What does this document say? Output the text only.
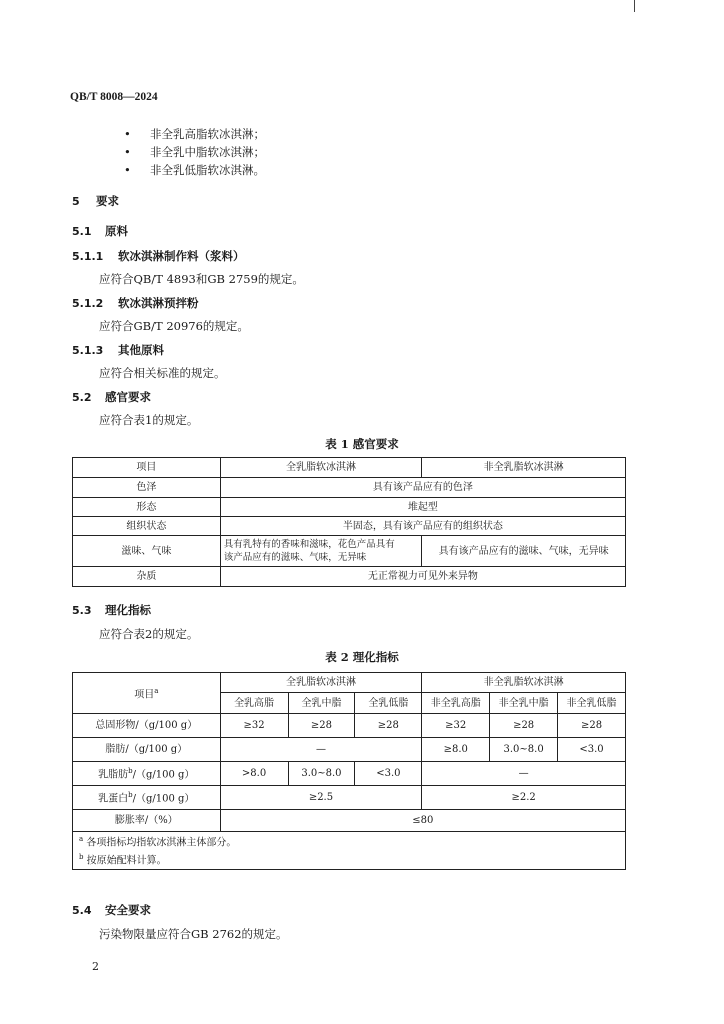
QB/T 8008—2024
• 非全乳高脂软冰淇淋；
• 非全乳中脂软冰淇淋；
• 非全乳低脂软冰淇淋。
5 要求
5.1 原料
5.1.1 软冰淇淋制作料（浆料）
应符合QB/T 4893和GB 2759的规定。
5.1.2 软冰淇淋预拌粉
应符合GB/T 20976的规定。
5.1.3 其他原料
应符合相关标准的规定。
5.2 感官要求
应符合表1的规定。
表 1 感官要求
项目	全乳脂软冰淇淋	非全乳脂软冰淇淋
色泽	具有该产品应有的色泽	
形态	堆起型	
组织状态	半固态，具有该产品应有的组织状态	
滋味、气味	具有乳特有的香味和滋味，花色产品具有
该产品应有的滋味、气味，无异味	具有该产品应有的滋味、气味，无异味
杂质	无正常视力可见外来异物	
5.3 理化指标
应符合表2的规定。
表 2 理化指标
项目$^a$	全乳脂软冰淇淋			非全乳脂软冰淇淋		
	全乳高脂	全乳中脂	全乳低脂	非全乳高脂	非全乳中脂	非全乳低脂
总固形物/（g/100 g）	≥32	≥28	≥28	≥32	≥28	≥28
脂肪/（g/100 g）	—			≥8.0	3.0~8.0	<3.0
乳脂肪$^b$/（g/100 g）	>8.0	3.0~8.0	<3.0	—		
乳蛋白$^b$/（g/100 g）	≥2.5			≥2.2		
膨胀率/（%）	≤80					

$^a$ 各项指标均指软冰淇淋主体部分。
$^b$ 按原始配料计算。						
5.4 安全要求
污染物限量应符合GB 2762的规定。
2
